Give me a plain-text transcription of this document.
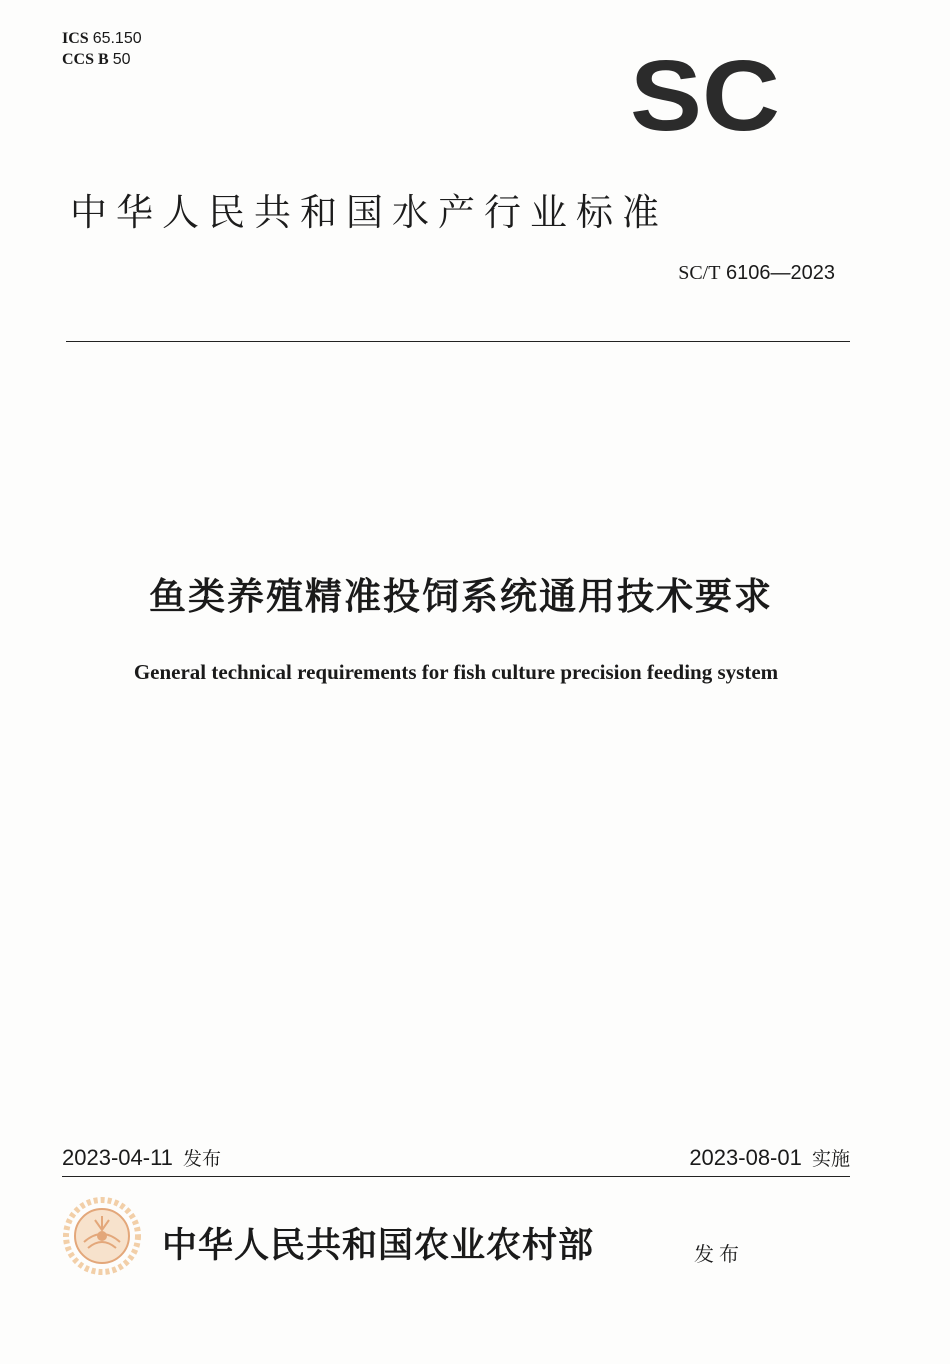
ICS 65.150
CCS B 50	SC
中华人民共和国水产行业标准
SC/T 6106—2023
鱼类养殖精准投饲系统通用技术要求
General technical requirements for fish culture precision feeding system
2023-04-11 发布	2023-08-01 实施
中华人民共和国农业农村部	发布
